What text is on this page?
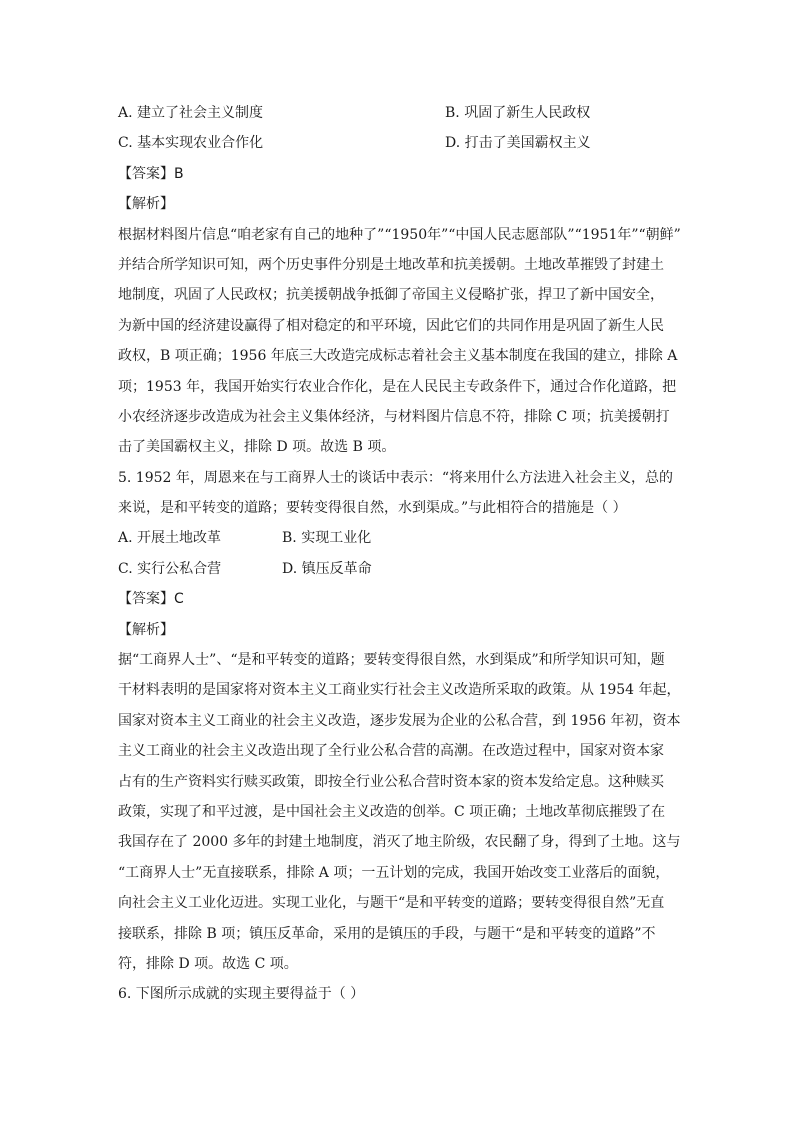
A. 建立了社会主义制度	B. 巩固了新生人民政权
C. 基本实现农业合作化	D. 打击了美国霸权主义
【答案】B
【解析】
根据材料图片信息“咱老家有自己的地种了”“1950年”“中国人民志愿部队”“1951年”“朝鲜”
并结合所学知识可知，两个历史事件分别是土地改革和抗美援朝。土地改革摧毁了封建土
地制度，巩固了人民政权；抗美援朝战争抵御了帝国主义侵略扩张，捍卫了新中国安全，
为新中国的经济建设赢得了相对稳定的和平环境，因此它们的共同作用是巩固了新生人民
政权，B 项正确；1956 年底三大改造完成标志着社会主义基本制度在我国的建立，排除 A
项；1953 年，我国开始实行农业合作化，是在人民民主专政条件下，通过合作化道路，把
小农经济逐步改造成为社会主义集体经济，与材料图片信息不符，排除 C 项；抗美援朝打
击了美国霸权主义，排除 D 项。故选 B 项。
5. 1952 年，周恩来在与工商界人士的谈话中表示：“将来用什么方法进入社会主义，总的
来说，是和平转变的道路；要转变得很自然，水到渠成。”与此相符合的措施是（ ）
A. 开展土地改革	B. 实现工业化
C. 实行公私合营	D. 镇压反革命
【答案】C
【解析】
据“工商界人士”、“是和平转变的道路；要转变得很自然，水到渠成”和所学知识可知，题
干材料表明的是国家将对资本主义工商业实行社会主义改造所采取的政策。从 1954 年起，
国家对资本主义工商业的社会主义改造，逐步发展为企业的公私合营，到 1956 年初，资本
主义工商业的社会主义改造出现了全行业公私合营的高潮。在改造过程中，国家对资本家
占有的生产资料实行赎买政策，即按全行业公私合营时资本家的资本发给定息。这种赎买
政策，实现了和平过渡，是中国社会主义改造的创举。C 项正确；土地改革彻底摧毁了在
我国存在了 2000 多年的封建土地制度，消灭了地主阶级，农民翻了身，得到了土地。这与
“工商界人士”无直接联系，排除 A 项；一五计划的完成，我国开始改变工业落后的面貌，
向社会主义工业化迈进。实现工业化，与题干“是和平转变的道路；要转变得很自然”无直
接联系，排除 B 项；镇压反革命，采用的是镇压的手段，与题干“是和平转变的道路”不
符，排除 D 项。故选 C 项。
6. 下图所示成就的实现主要得益于（ ）
